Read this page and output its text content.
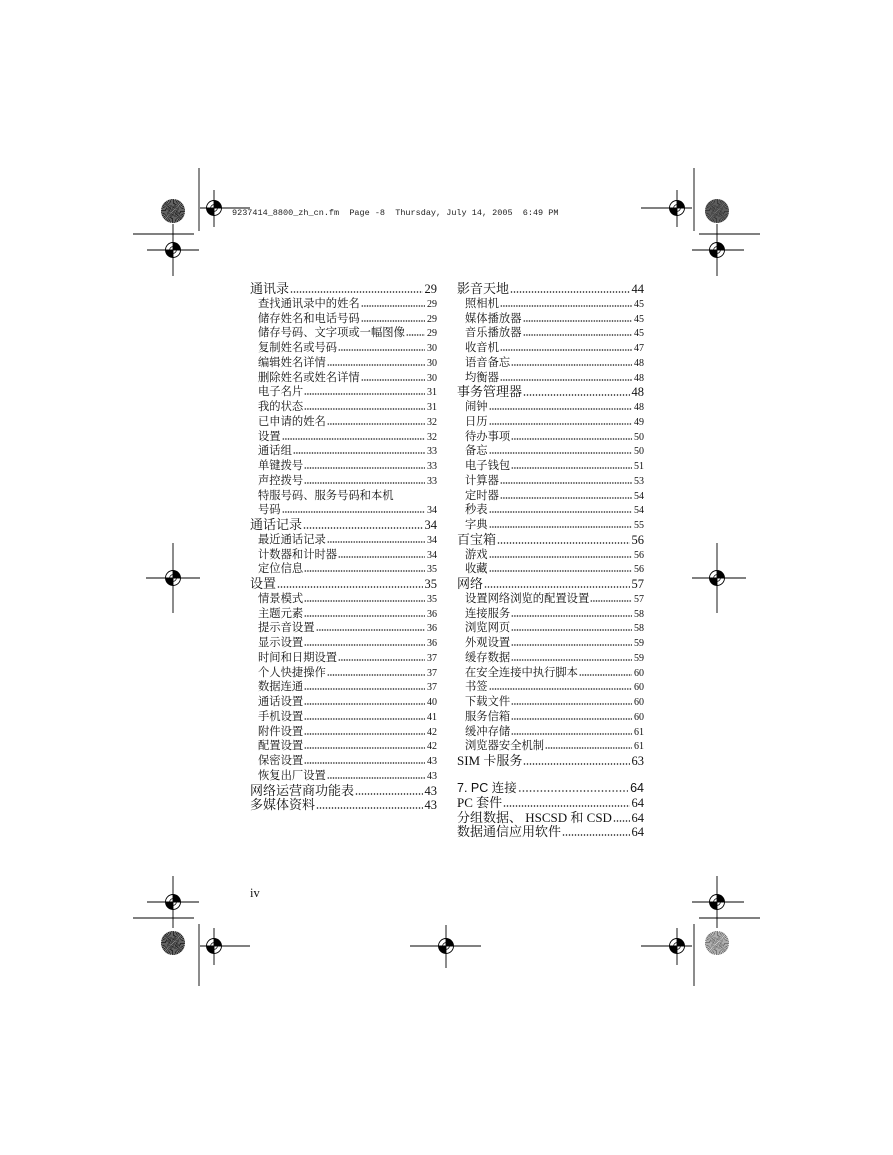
9237414_8800_zh_cn.fm  Page -8  Thursday, July 14, 2005  6:49 PM
通讯录	29
查找通讯录中的姓名	29
储存姓名和电话号码	29
储存号码、文字项或一幅图像 29
复制姓名或号码	30
编辑姓名详情	30
删除姓名或姓名详情	30
电子名片	31
我的状态	31
已申请的姓名	32
设置	32
通话组	33
单键拨号	33
声控拨号	33
特服号码、服务号码和本机
号码	34
通话记录	34
最近通话记录	34
计数器和计时器	34
定位信息	35
设置	35
情景模式	35
主题元素	36
提示音设置	36
显示设置	36
时间和日期设置	37
个人快捷操作	37
数据连通	37
通话设置	40
手机设置	41
附件设置	42
配置设置	42
保密设置	43
恢复出厂设置	43
网络运营商功能表	43
多媒体资料	43
影音天地	44
照相机	45
媒体播放器	45
音乐播放器	45
收音机	47
语音备忘	48
均衡器	48
事务管理器	48
闹钟	48
日历	49
待办事项	50
备忘	50
电子钱包	51
计算器	53
定时器	54
秒表	54
字典	55
百宝箱	56
游戏	56
收藏	56
网络	57
设置网络浏览的配置设置	57
连接服务	58
浏览网页	58
外观设置	59
缓存数据	59
在安全连接中执行脚本	60
书签	60
下载文件	60
服务信箱	60
缓冲存储	61
浏览器安全机制	61
SIM 卡服务	63
7. PC 连接	64
PC 套件	64
分组数据、 HSCSD 和 CSD 64
数据通信应用软件	64
iv
